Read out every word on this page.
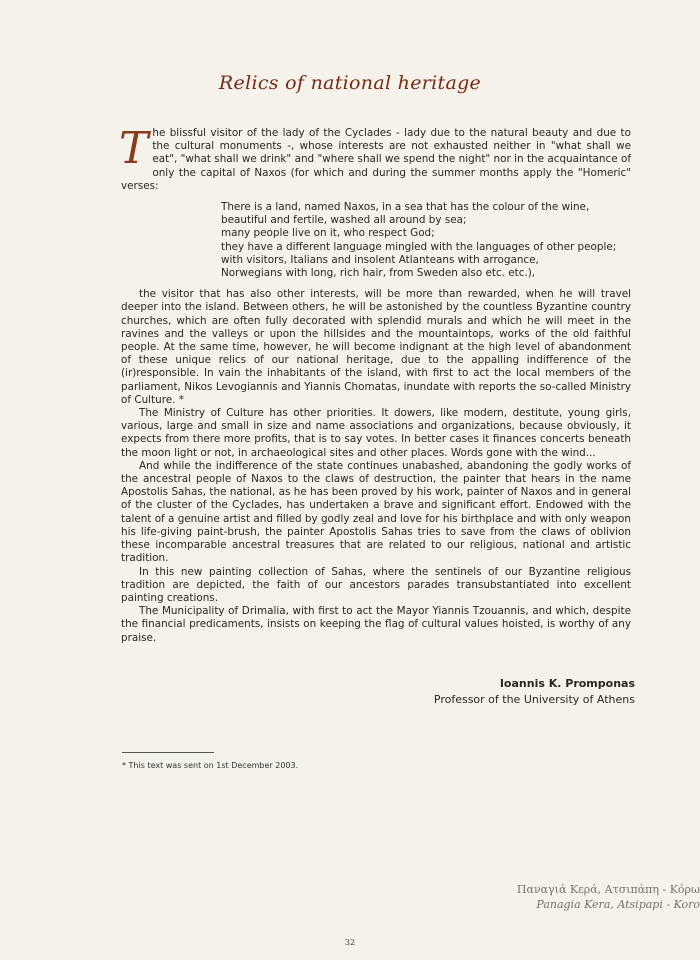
Relics of national heritage

The blissful visitor of the lady of the Cyclades - lady due to the natural beauty and due to the cultural monuments -, whose interests are not exhausted neither in "what shall we eat", "what shall we drink" and "where shall we spend the night" nor in the acquaintance of only the capital of Naxos (for which and during the summer months apply the "Homeric" verses:

There is a land, named Naxos, in a sea that has the colour of the wine,
beautiful and fertile, washed all around by sea;
many people live on it, who respect God;
they have a different language mingled with the languages of other people;
with visitors, Italians and insolent Atlanteans with arrogance,
Norwegians with long, rich hair, from Sweden also etc. etc.),

the visitor that has also other interests, will be more than rewarded, when he will travel deeper into the island. Between others, he will be astonished by the countless Byzantine country churches, which are often fully decorated with splendid murals and which he will meet in the ravines and the valleys or upon the hillsides and the mountaintops, works of the old faithful people. At the same time, however, he will become indignant at the high level of abandonment of these unique relics of our national heritage, due to the appalling indifference of the (ir)responsible. In vain the inhabitants of the island, with first to act the local members of the parliament, Nikos Levogiannis and Yiannis Chomatas, inundate with reports the so-called Ministry of Culture. *

The Ministry of Culture has other priorities. It dowers, like modern, destitute, young girls, various, large and small in size and name associations and organizations, because obviously, it expects from there more profits, that is to say votes. In better cases it finances concerts beneath the moon light or not, in archaeological sites and other places. Words gone with the wind...

And while the indifference of the state continues unabashed, abandoning the godly works of the ancestral people of Naxos to the claws of destruction, the painter that hears in the name Apostolis Sahas, the national, as he has been proved by his work, painter of Naxos and in general of the cluster of the Cyclades, has undertaken a brave and significant effort. Endowed with the talent of a genuine artist and filled by godly zeal and love for his birthplace and with only weapon his life-giving paint-brush, the painter Apostolis Sahas tries to save from the claws of oblivion these incomparable ancestral treasures that are related to our religious, national and artistic tradition.

In this new painting collection of Sahas, where the sentinels of our Byzantine religious tradition are depicted, the faith of our ancestors parades transubstantiated into excellent painting creations.

The Municipality of Drimalia, with first to act the Mayor Yiannis Tzouannis, and which, despite the financial predicaments, insists on keeping the flag of cultural values hoisted, is worthy of any praise.

Ioannis K. Promponas
Professor of the University of Athens
* This text was sent on 1st December 2003.
Παναγιά Κερά, Ατσιπάπη - Κόρω
Panagia Kera, Atsipapi - Koro
32
